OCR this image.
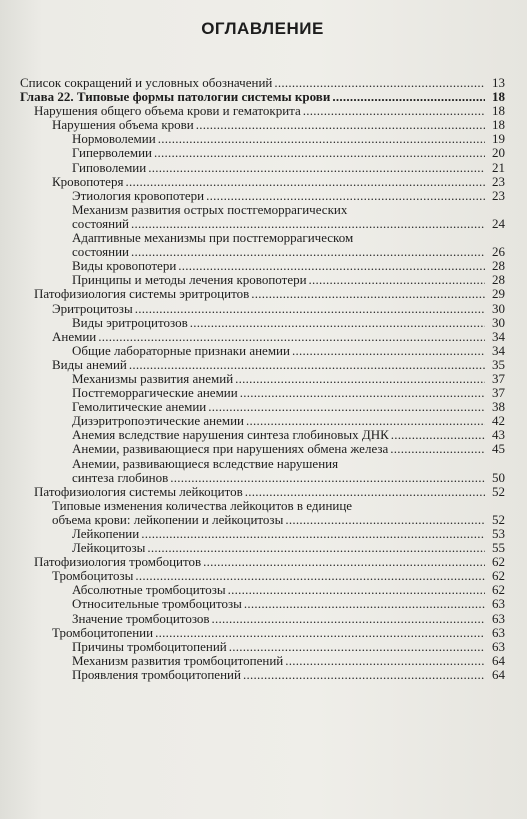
ОГЛАВЛЕНИЕ
Список сокращений и условных обозначений . . .	13
Глава 22. Типовые формы патологии системы крови . . .	18
Нарушения общего объема крови и гематокрита . . .	18
Нарушения объема крови . . .	18
Нормоволемии . . .	19
Гиперволемии . . .	20
Гиповолемии . . .	21
Кровопотеря . . .	23
Этиология кровопотери . . .	23
Механизм развития острых постгеморрагических
состояний . . .	24
Адаптивные механизмы при постгеморрагическом
состоянии . . .	26
Виды кровопотери . . .	28
Принципы и методы лечения кровопотери . . .	28
Патофизиология системы эритроцитов . . .	29
Эритроцитозы . . .	30
Виды эритроцитозов . . .	30
Анемии . . .	34
Общие лабораторные признаки анемии . . .	34
Виды анемий . . .	35
Механизмы развития анемий . . .	37
Постгеморрагические анемии . . .	37
Гемолитические анемии . . .	38
Дизэритропоэтические анемии . . .	42
Анемия вследствие нарушения синтеза глобиновых ДНК . . .	43
Анемии, развивающиеся при нарушениях обмена железа . . .	45
Анемии, развивающиеся вследствие нарушения
синтеза глобинов . . .	50
Патофизиология системы лейкоцитов . . .	52
Типовые изменения количества лейкоцитов в единице
объема крови: лейкопении и лейкоцитозы . . .	52
Лейкопении . . .	53
Лейкоцитозы . . .	55
Патофизиология тромбоцитов . . .	62
Тромбоцитозы . . .	62
Абсолютные тромбоцитозы . . .	62
Относительные тромбоцитозы . . .	63
Значение тромбоцитозов . . .	63
Тромбоцитопении . . .	63
Причины тромбоцитопений . . .	63
Механизм развития тромбоцитопений . . .	64
Проявления тромбоцитопений . . .	64
